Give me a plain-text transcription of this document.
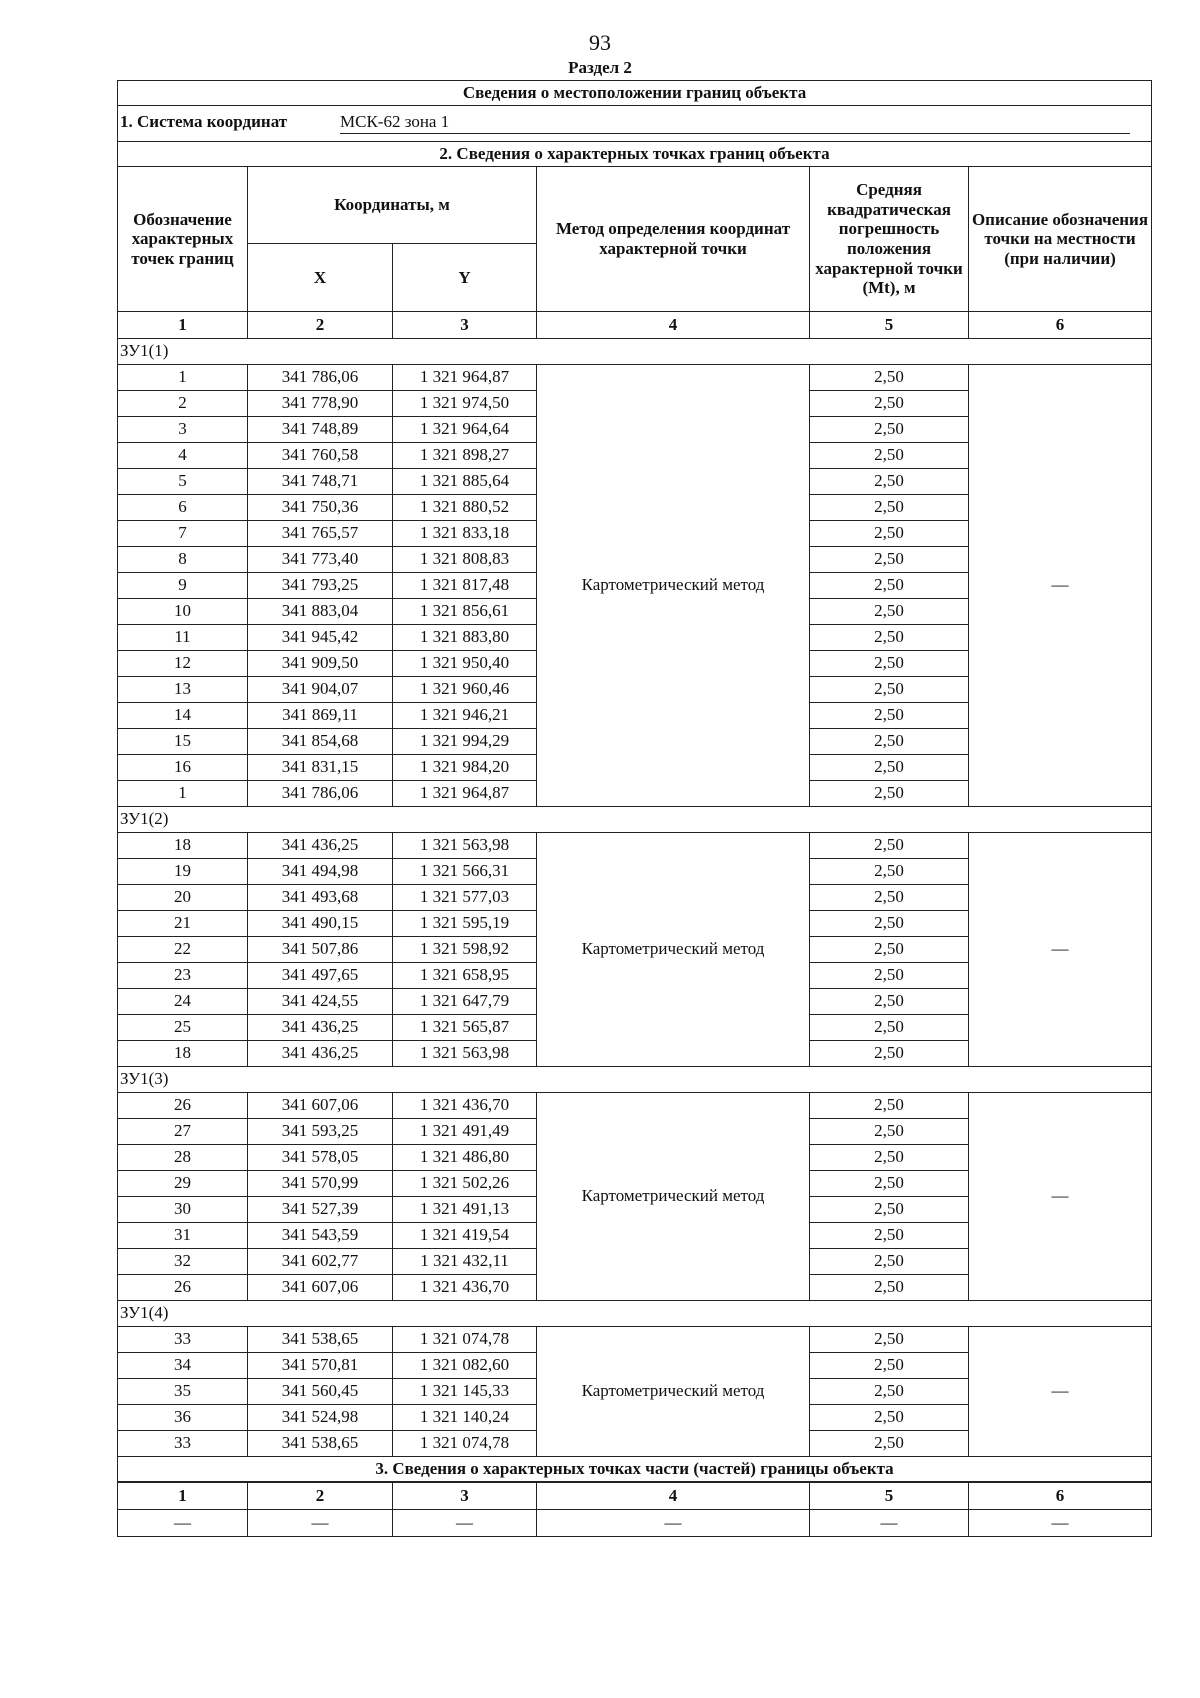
93
Раздел 2
Сведения о местоположении границ объекта					
1. Система координат МСК-62 зона 1					
2. Сведения о характерных точках границ объекта					
Обозначение характерных точек границ	Координаты, м		Метод определения координат характерной точки	Средняя квадратическая погрешность положения характерной точки (Mt), м	Описание обозначения точки на местности (при наличии)
	X	Y			
1	2	3	4	5	6
ЗУ1(1)					
1	341 786,06	1 321 964,87	Картометрический метод	2,50	—
2	341 778,90	1 321 974,50		2,50	
3	341 748,89	1 321 964,64		2,50	
4	341 760,58	1 321 898,27		2,50	
5	341 748,71	1 321 885,64		2,50	
6	341 750,36	1 321 880,52		2,50	
7	341 765,57	1 321 833,18		2,50	
8	341 773,40	1 321 808,83		2,50	
9	341 793,25	1 321 817,48		2,50	
10	341 883,04	1 321 856,61		2,50	
11	341 945,42	1 321 883,80		2,50	
12	341 909,50	1 321 950,40		2,50	
13	341 904,07	1 321 960,46		2,50	
14	341 869,11	1 321 946,21		2,50	
15	341 854,68	1 321 994,29		2,50	
16	341 831,15	1 321 984,20		2,50	
1	341 786,06	1 321 964,87		2,50	
ЗУ1(2)					
18	341 436,25	1 321 563,98	Картометрический метод	2,50	—
19	341 494,98	1 321 566,31		2,50	
20	341 493,68	1 321 577,03		2,50	
21	341 490,15	1 321 595,19		2,50	
22	341 507,86	1 321 598,92		2,50	
23	341 497,65	1 321 658,95		2,50	
24	341 424,55	1 321 647,79		2,50	
25	341 436,25	1 321 565,87		2,50	
18	341 436,25	1 321 563,98		2,50	
ЗУ1(3)					
26	341 607,06	1 321 436,70	Картометрический метод	2,50	—
27	341 593,25	1 321 491,49		2,50	
28	341 578,05	1 321 486,80		2,50	
29	341 570,99	1 321 502,26		2,50	
30	341 527,39	1 321 491,13		2,50	
31	341 543,59	1 321 419,54		2,50	
32	341 602,77	1 321 432,11		2,50	
26	341 607,06	1 321 436,70		2,50	
ЗУ1(4)					
33	341 538,65	1 321 074,78	Картометрический метод	2,50	—
34	341 570,81	1 321 082,60		2,50	
35	341 560,45	1 321 145,33		2,50	
36	341 524,98	1 321 140,24		2,50	
33	341 538,65	1 321 074,78		2,50	
3. Сведения о характерных точках части (частей) границы объекта					
1	2	3	4	5	6
—	—	—	—	—	—
